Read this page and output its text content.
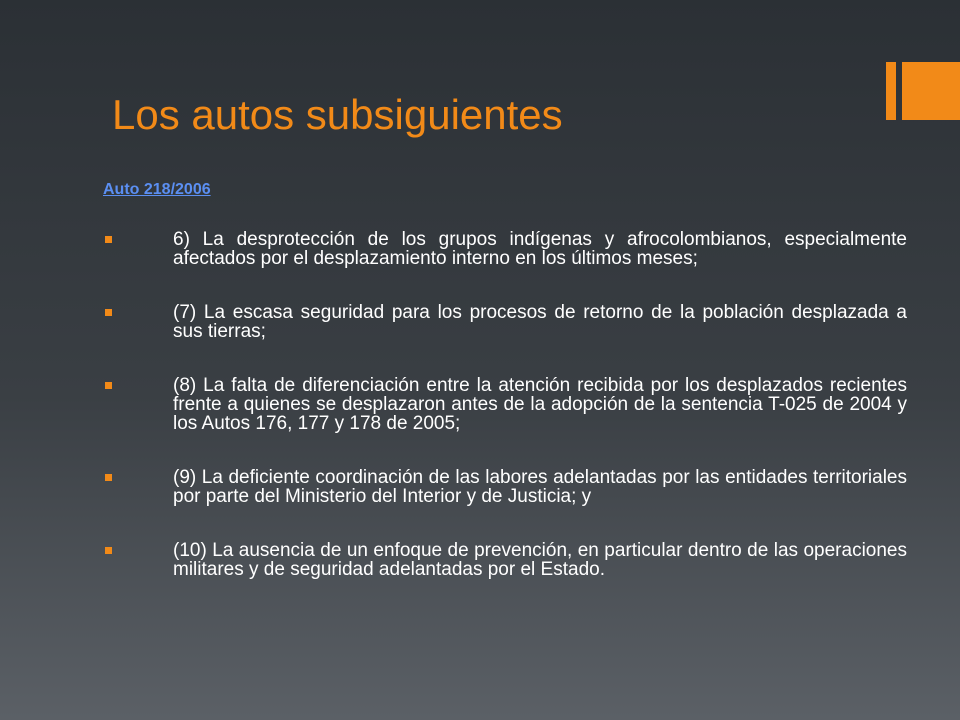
Los autos subsiguientes
Auto 218/2006
6) La desprotección de los grupos indígenas y afrocolombianos, especialmente afectados por el desplazamiento interno en los últimos meses;
(7) La escasa seguridad para los procesos de retorno de la población desplazada a sus tierras;
(8) La falta de diferenciación entre la atención recibida por los desplazados recientes frente a quienes se desplazaron antes de la adopción de la sentencia T-025 de 2004 y los Autos 176, 177 y 178 de 2005;
(9) La deficiente coordinación de las labores adelantadas por las entidades territoriales por parte del Ministerio del Interior y de Justicia; y
(10) La ausencia de un enfoque de prevención, en particular dentro de las operaciones militares y de seguridad adelantadas por el Estado.
